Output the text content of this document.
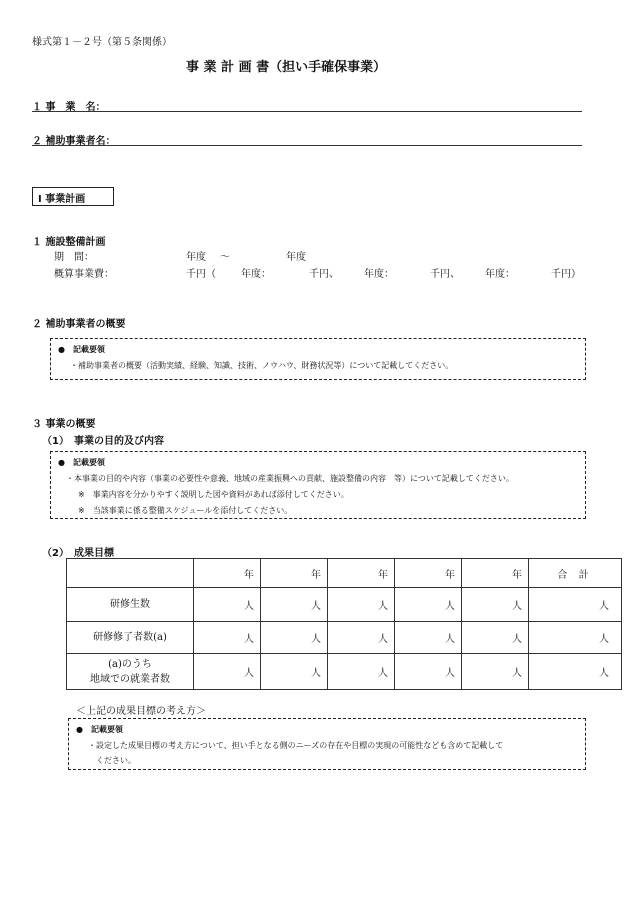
様式第１－２号（第５条関係）
事 業 計 画 書（担い手確保事業）
１ 事　業　名：
２ 補助事業者名：
Ⅰ 事業計画
１ 施設整備計画
期　間：	年度 ～	年度
概算事業費：	千円（	年度：	千円、	年度：	千円、	年度：	千円）
２ 補助事業者の概要
●　記載要領
・補助事業者の概要（活動実績、経験、知識、技術、ノウハウ、財務状況等）について記載してください。
３ 事業の概要
（1）　事業の目的及び内容
●　記載要領
・本事業の目的や内容（事業の必要性や意義、地域の産業振興への貢献、施設整備の内容　等）について記載してください。
※　事業内容を分かりやすく説明した図や資料があれば添付してください。
※　当該事業に係る整備スケジュールを添付してください。
（2）　成果目標
	年	年	年	年	年	合 計
研修生数	人	人	人	人	人	人
研修修了者数(a)	人	人	人	人	人	人
(a)のうち
地域での就業者数	人	人	人	人	人	人
＜上記の成果目標の考え方＞
●　記載要領
・設定した成果目標の考え方について、担い手となる側のニーズの存在や目標の実現の可能性なども含めて記載して
ください。
